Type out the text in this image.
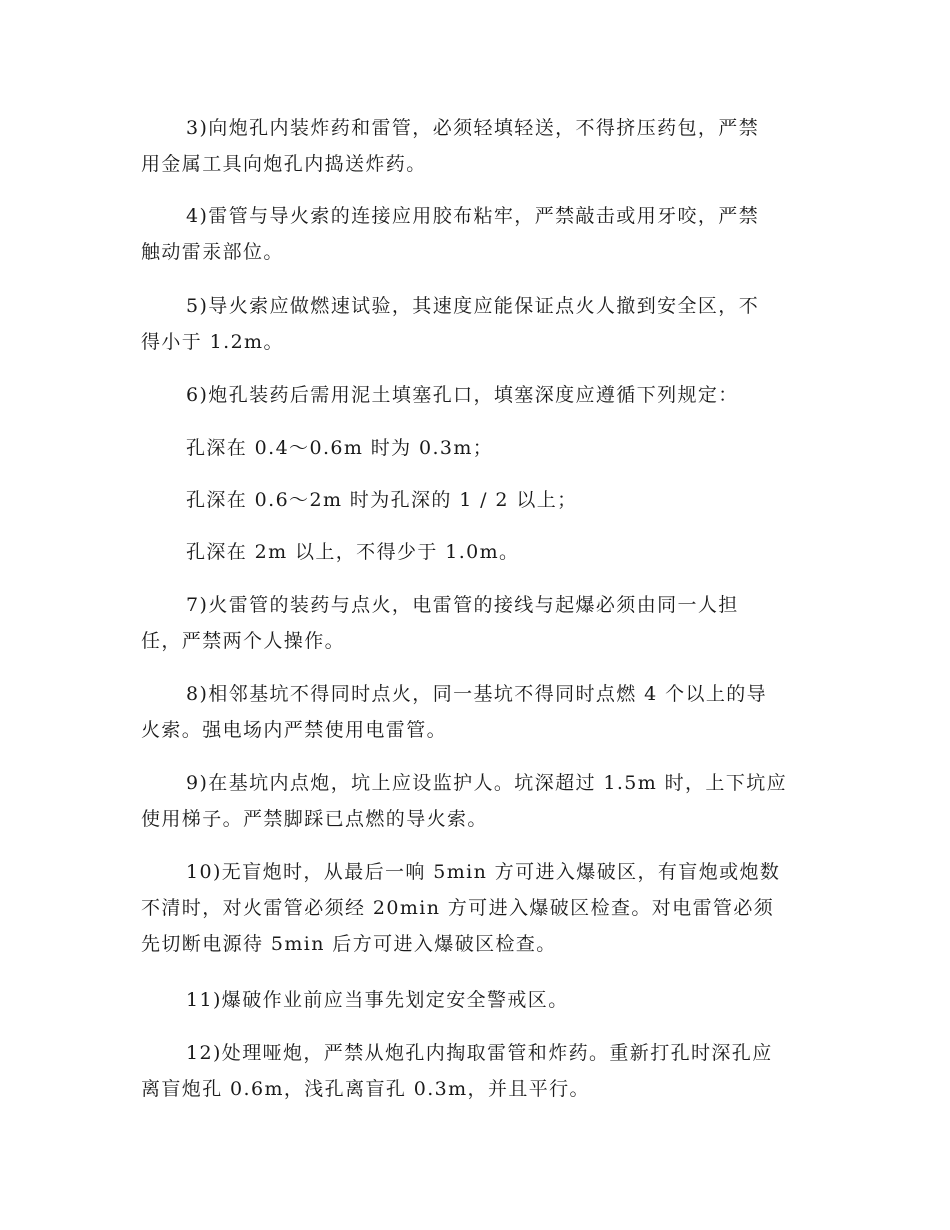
3)向炮孔内装炸药和雷管，必须轻填轻送，不得挤压药包，严禁
用金属工具向炮孔内捣送炸药。

4)雷管与导火索的连接应用胶布粘牢，严禁敲击或用牙咬，严禁
触动雷汞部位。

5)导火索应做燃速试验，其速度应能保证点火人撤到安全区，不
得小于 1.2m。

6)炮孔装药后需用泥土填塞孔口，填塞深度应遵循下列规定：

孔深在 0.4～0.6m 时为 0.3m；

孔深在 0.6～2m 时为孔深的 1 / 2 以上；

孔深在 2m 以上，不得少于 1.0m。

7)火雷管的装药与点火，电雷管的接线与起爆必须由同一人担
任，严禁两个人操作。

8)相邻基坑不得同时点火，同一基坑不得同时点燃 4 个以上的导
火索。强电场内严禁使用电雷管。

9)在基坑内点炮，坑上应设监护人。坑深超过 1.5m 时，上下坑应
使用梯子。严禁脚踩已点燃的导火索。

10)无盲炮时，从最后一响 5min 方可进入爆破区，有盲炮或炮数
不清时，对火雷管必须经 20min 方可进入爆破区检查。对电雷管必须
先切断电源待 5min 后方可进入爆破区检查。

11)爆破作业前应当事先划定安全警戒区。

12)处理哑炮，严禁从炮孔内掏取雷管和炸药。重新打孔时深孔应
离盲炮孔 0.6m，浅孔离盲孔 0.3m，并且平行。
